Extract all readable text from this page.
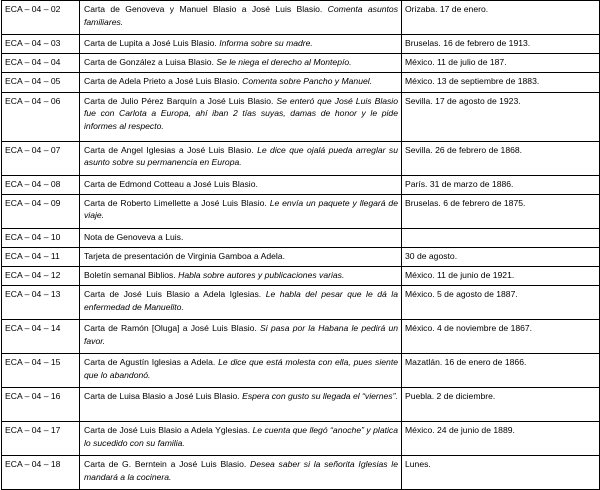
ECA – 04 – 02	Carta de Genoveva y Manuel Blasio a José Luis Blasio. Comenta asuntos familiares.	Orizaba. 17 de enero.
ECA – 04 – 03	Carta de Lupita a José Luis Blasio. Informa sobre su madre.	Bruselas. 16 de febrero de 1913.
ECA – 04 – 04	Carta de González a Luisa Blasio. Se le niega el derecho al Montepío.	México. 11 de julio de 187.
ECA – 04 – 05	Carta de Adela Prieto a José Luis Blasio. Comenta sobre Pancho y Manuel.	México. 13 de septiembre de 1883.
ECA – 04 – 06	Carta de Julio Pérez Barquín a José Luis Blasio. Se enteró que José Luis Blasio fue con Carlota a Europa, ahí iban 2 tías suyas, damas de honor y le pide informes al respecto.	Sevilla. 17 de agosto de 1923.
ECA – 04 – 07	Carta de Angel Iglesias a José Luis Blasio. Le dice que ojalá pueda arreglar su asunto sobre su permanencia en Europa.	Sevilla. 26 de febrero de 1868.
ECA – 04 – 08	Carta de Edmond Cotteau a José Luis Blasio.	París. 31 de marzo de 1886.
ECA – 04 – 09	Carta de Roberto Limellette a José Luis Blasio. Le envía un paquete y llegará de viaje.	Bruselas. 6 de febrero de 1875.
ECA – 04 – 10	Nota de Genoveva a Luis.	
ECA – 04 – 11	Tarjeta de presentación de Virginia Gamboa a Adela.	30 de agosto.
ECA – 04 – 12	Boletín semanal Biblios. Habla sobre autores y publicaciones varias.	México. 11 de junio de 1921.
ECA – 04 – 13	Carta de José Luis Blasio a Adela Iglesias. Le habla del pesar que le dá la enfermedad de Manuelito.	México. 5 de agosto de 1887.
ECA – 04 – 14	Carta de Ramón [Oluga] a José Luis Blasio. Si pasa por la Habana le pedirá un favor.	México. 4 de noviembre de 1867.
ECA – 04 – 15	Carta de Agustín Iglesias a Adela. Le dice que está molesta con ella, pues siente que lo abandonó.	Mazatlán. 16 de enero de 1866.
ECA – 04 – 16	Carta de Luisa Blasio a José Luis Blasio. Espera con gusto su llegada el “viernes”.	Puebla. 2 de diciembre.
ECA – 04 – 17	Carta de José Luis Blasio a Adela Yglesias. Le cuenta que llegó “anoche” y platica lo sucedido con su familia.	México. 24 de junio de 1889.
ECA – 04 – 18	Carta de G. Berntein a José Luis Blasio. Desea saber si la señorita Iglesias le mandará a la cocinera.	Lunes.
